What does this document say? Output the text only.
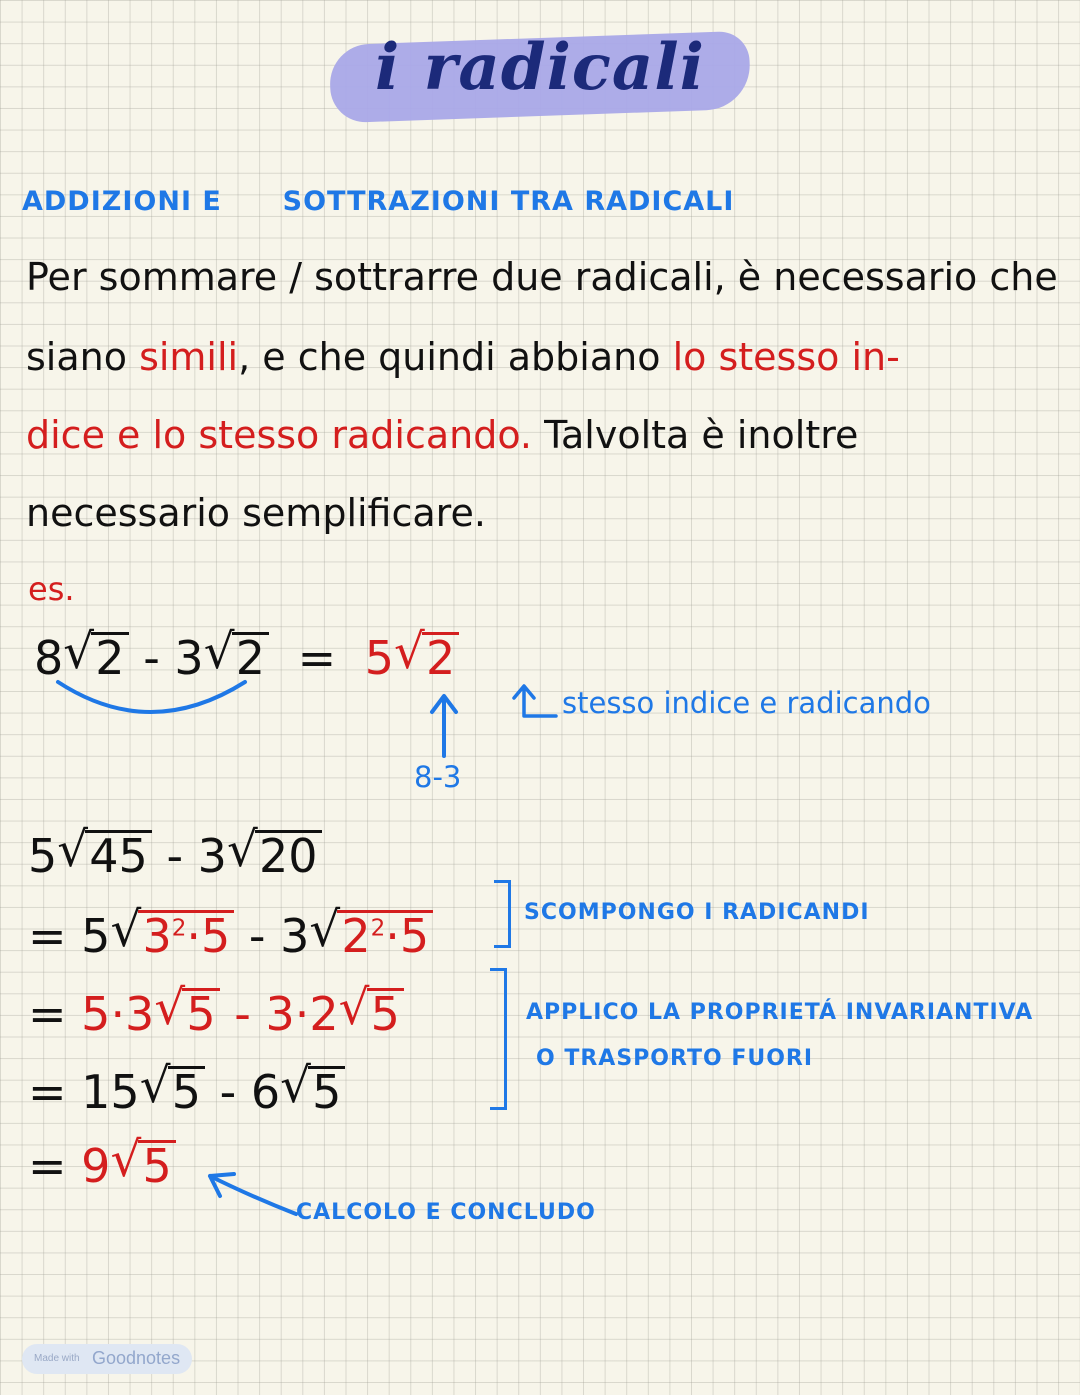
i radicali
ADDIZIONI E SOTTRAZIONI TRA RADICALI
Per sommare / sottrarre due radicali, è necessario che
siano simili, e che quindi abbiano lo stesso in-
dice e lo stesso radicando. Talvolta è inoltre
necessario semplificare.
es.
8√ 2 - 3√ 2 = 5√ 2
8-3
stesso indice e radicando
5√ 45 - 3√ 20
= 5√ $3^2\cdot 5 - 3√$ $2^2\cdot 5$
= 5·3√ 5 - 3·2√ 5
= 15√ 5 - 6√ 5
= 9√ 5
SCOMPONGO I RADICANDI
APPLICO LA PROPRIETÁ INVARIANTIVA
O TRASPORTO FUORI
CALCOLO E CONCLUDO
Made with Goodnotes
